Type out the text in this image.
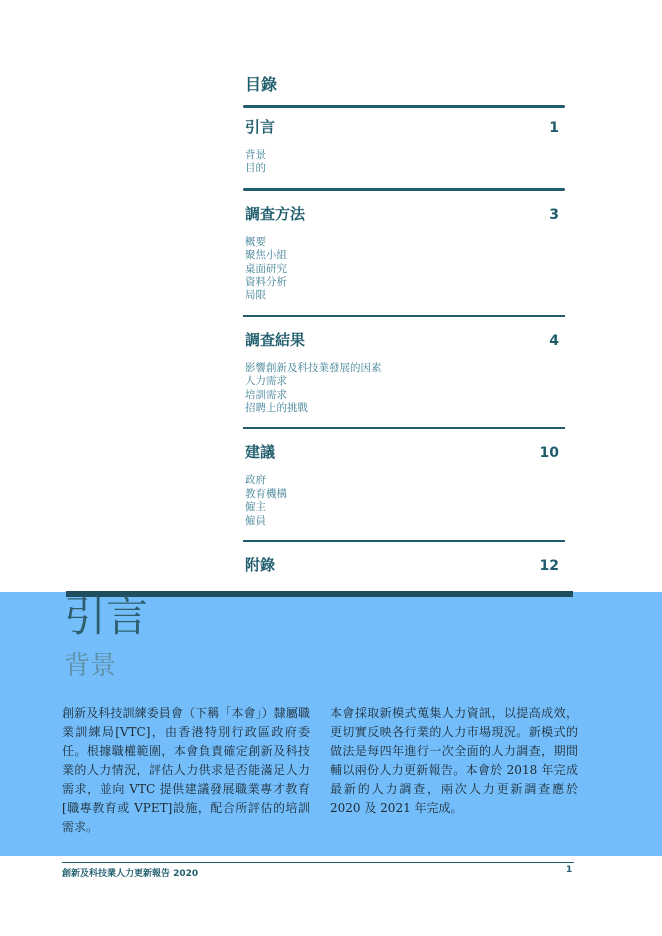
目錄
引言	1
背景
目的
調查方法	3
概要
聚焦小組
桌面研究
資料分析
局限
調查結果	4
影響創新及科技業發展的因素
人力需求
培訓需求
招聘上的挑戰
建議	10
政府
教育機構
僱主
僱員
附錄	12
引言
背景
創新及科技訓練委員會（下稱「本會」）隸屬職業訓練局[VTC]，由香港特別行政區政府委任。根據職權範圍，本會負責確定創新及科技業的人力情況，評估人力供求是否能滿足人力需求，並向 VTC 提供建議發展職業專才教育[職專教育或 VPET]設施，配合所評估的培訓需求。
本會採取新模式蒐集人力資訊，以提高成效，更切實反映各行業的人力市場現況。新模式的做法是每四年進行一次全面的人力調查，期間輔以兩份人力更新報告。本會於 2018 年完成最新的人力調查，兩次人力更新調查應於 2020 及 2021 年完成。
創新及科技業人力更新報告 2020	1
